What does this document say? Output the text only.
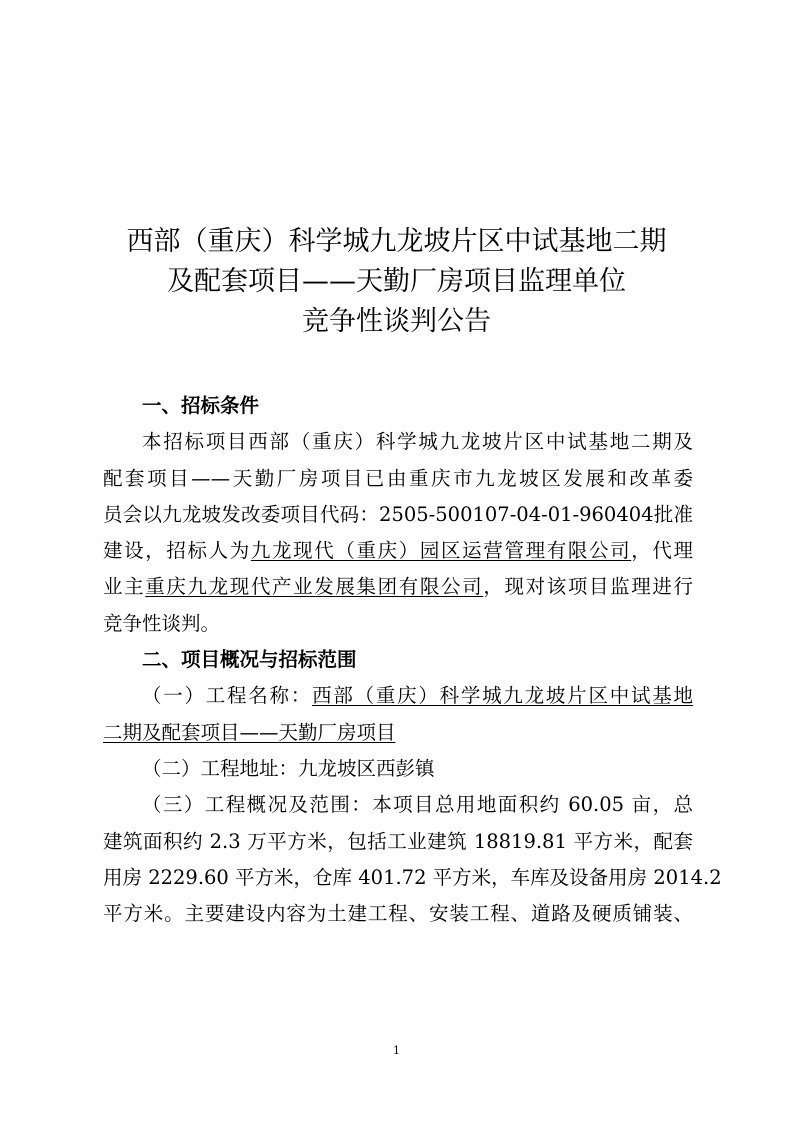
西部（重庆）科学城九龙坡片区中试基地二期
及配套项目——天勤厂房项目监理单位
竞争性谈判公告
一、招标条件

本招标项目西部（重庆）科学城九龙坡片区中试基地二期及
配套项目——天勤厂房项目已由重庆市九龙坡区发展和改革委
员会以九龙坡发改委项目代码：2505-500107-04-01-960404批准
建设，招标人为九龙现代（重庆）园区运营管理有限公司，代理
业主重庆九龙现代产业发展集团有限公司，现对该项目监理进行
竞争性谈判。

二、项目概况与招标范围

（一）工程名称：西部（重庆）科学城九龙坡片区中试基地
二期及配套项目——天勤厂房项目

（二）工程地址：九龙坡区西彭镇

（三）工程概况及范围：本项目总用地面积约 60.05 亩，总
建筑面积约 2.3 万平方米，包括工业建筑 18819.81 平方米，配套
用房 2229.60 平方米，仓库 401.72 平方米，车库及设备用房 2014.2
平方米。主要建设内容为土建工程、安装工程、道路及硬质铺装、

1
